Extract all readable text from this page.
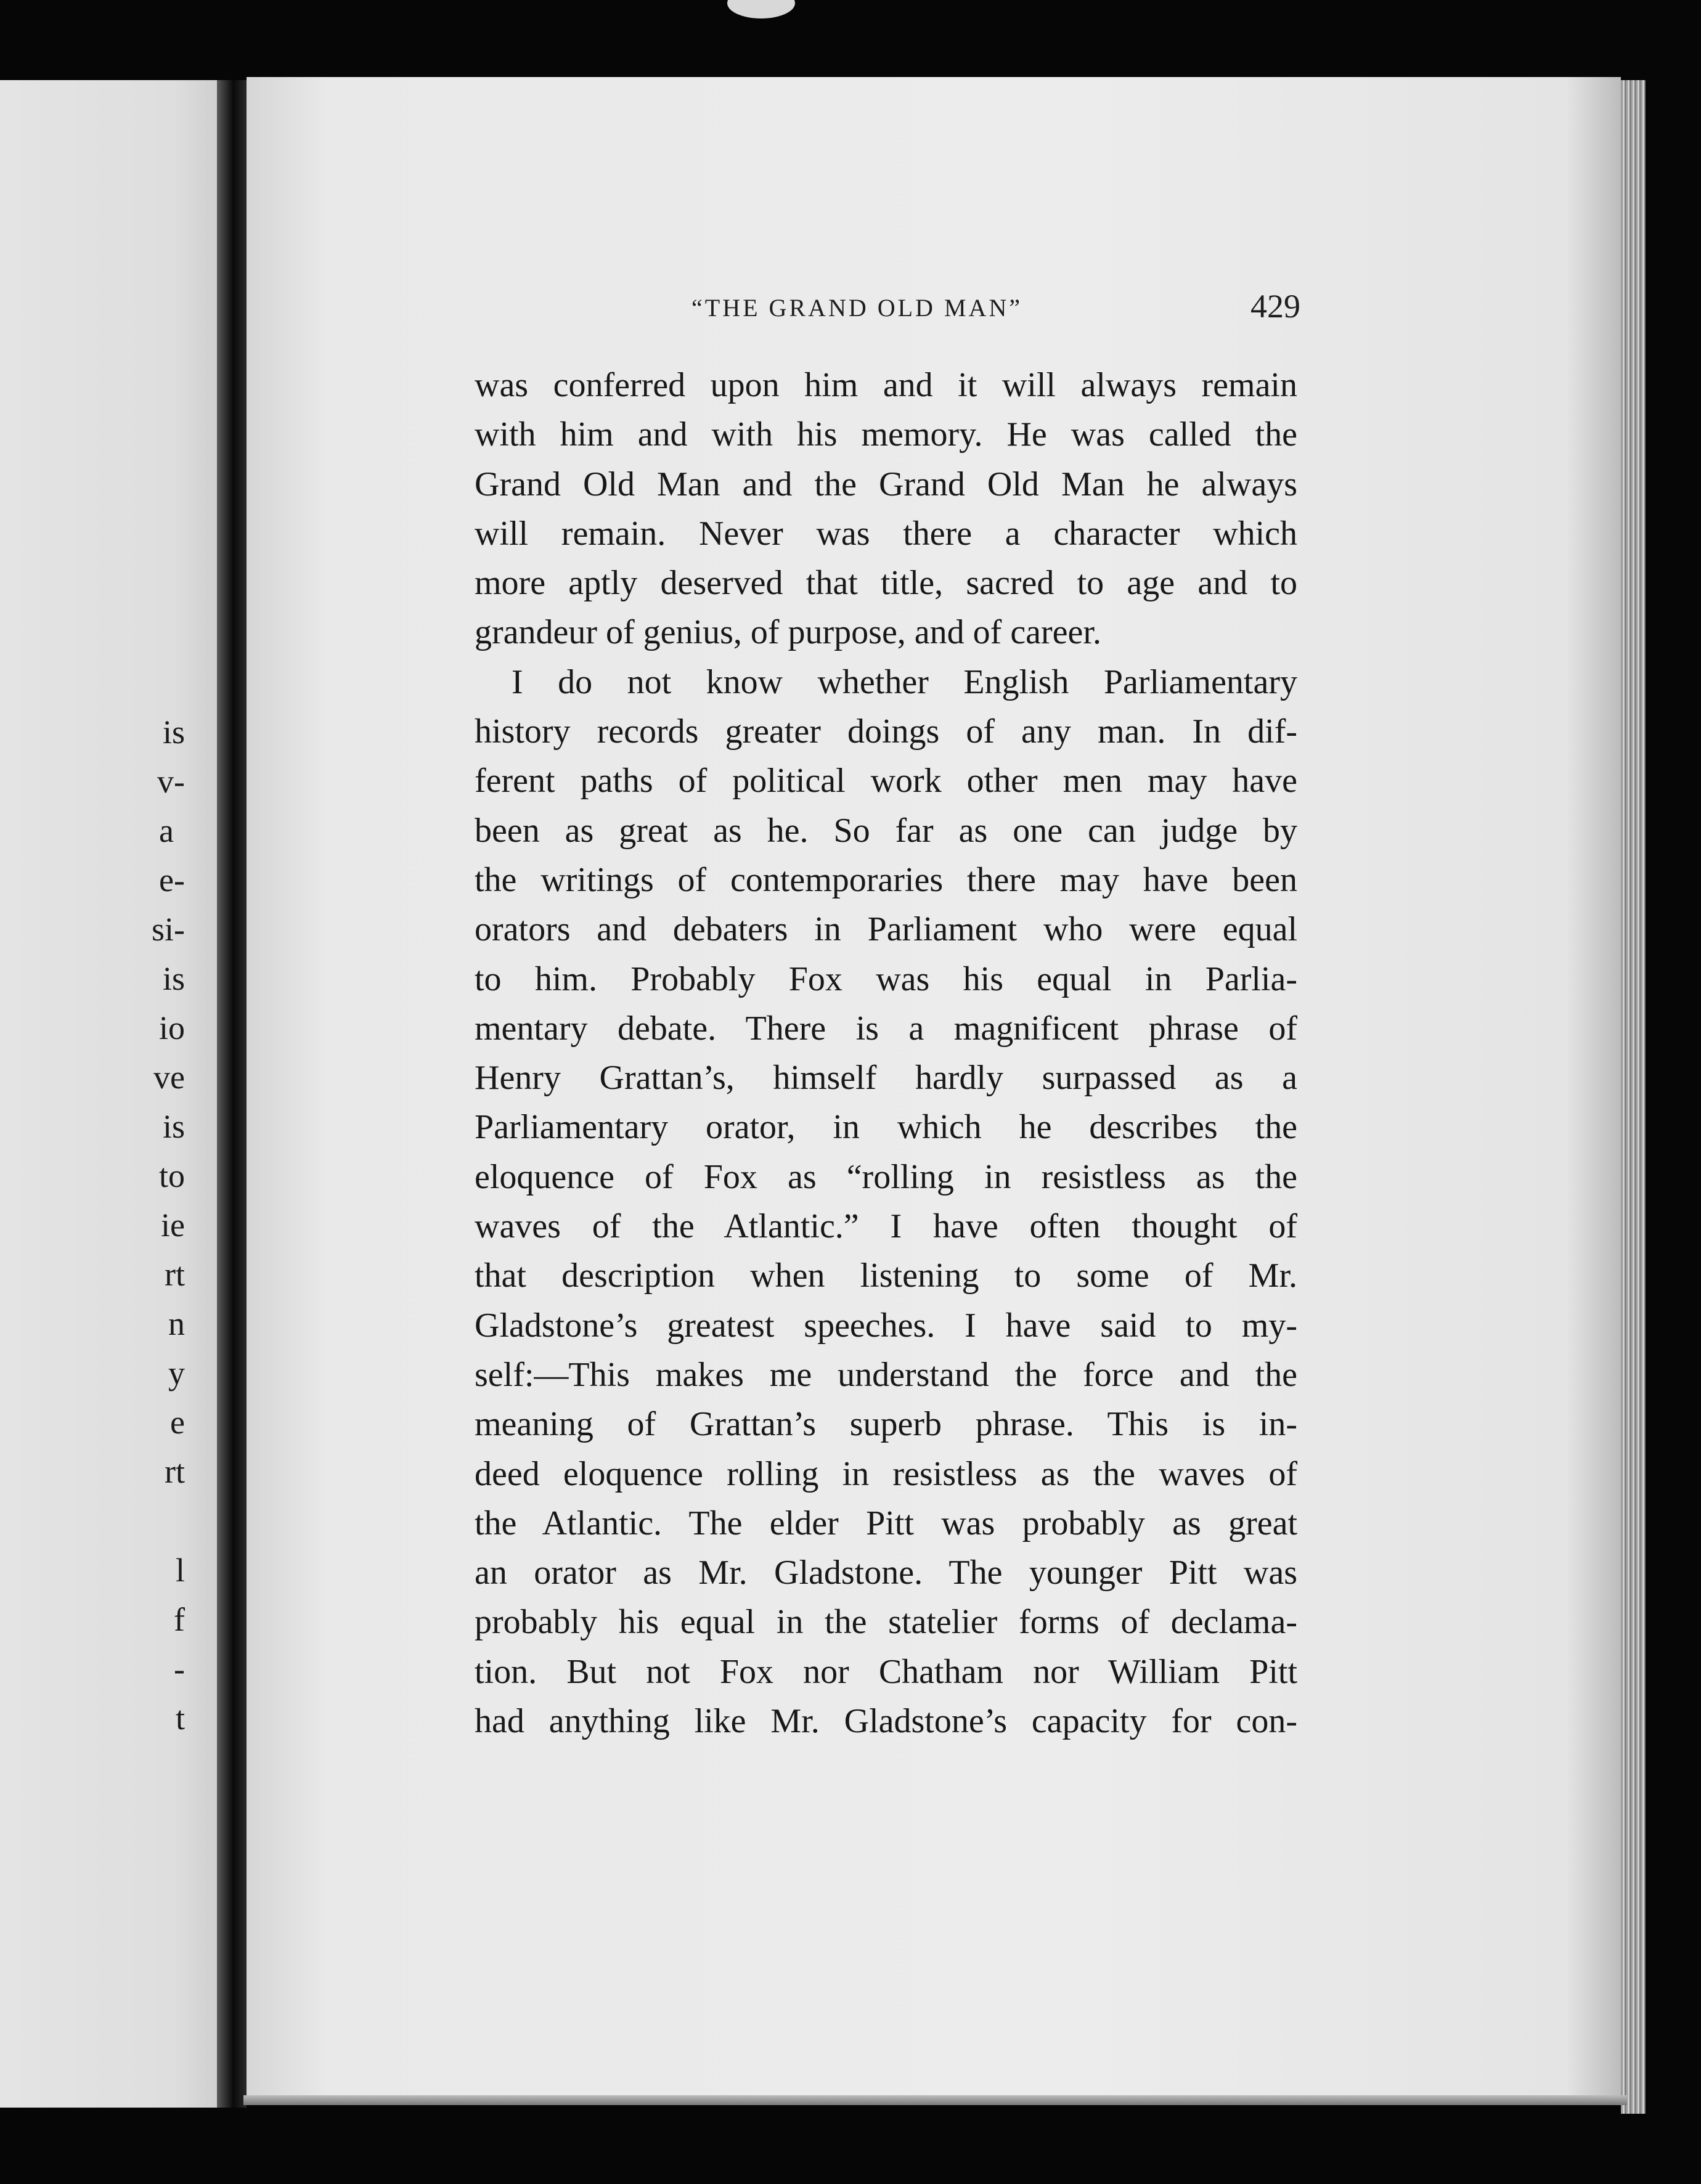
is
v-
a
e-
si-
is
io
ve
is
to
ie
rt
n
y
e
rt
l
f
-
t
“THE GRAND OLD MAN”	429
was conferred upon him and it will always remain
with him and with his memory. He was called the
Grand Old Man and the Grand Old Man he always
will remain. Never was there a character which
more aptly deserved that title, sacred to age and to
grandeur of genius, of purpose, and of career.
I do not know whether English Parliamentary
history records greater doings of any man. In dif-
ferent paths of political work other men may have
been as great as he. So far as one can judge by
the writings of contemporaries there may have been
orators and debaters in Parliament who were equal
to him. Probably Fox was his equal in Parlia-
mentary debate. There is a magnificent phrase of
Henry Grattan’s, himself hardly surpassed as a
Parliamentary orator, in which he describes the
eloquence of Fox as “rolling in resistless as the
waves of the Atlantic.” I have often thought of
that description when listening to some of Mr.
Gladstone’s greatest speeches. I have said to my-
self:—This makes me understand the force and the
meaning of Grattan’s superb phrase. This is in-
deed eloquence rolling in resistless as the waves of
the Atlantic. The elder Pitt was probably as great
an orator as Mr. Gladstone. The younger Pitt was
probably his equal in the statelier forms of declama-
tion. But not Fox nor Chatham nor William Pitt
had anything like Mr. Gladstone’s capacity for con-
